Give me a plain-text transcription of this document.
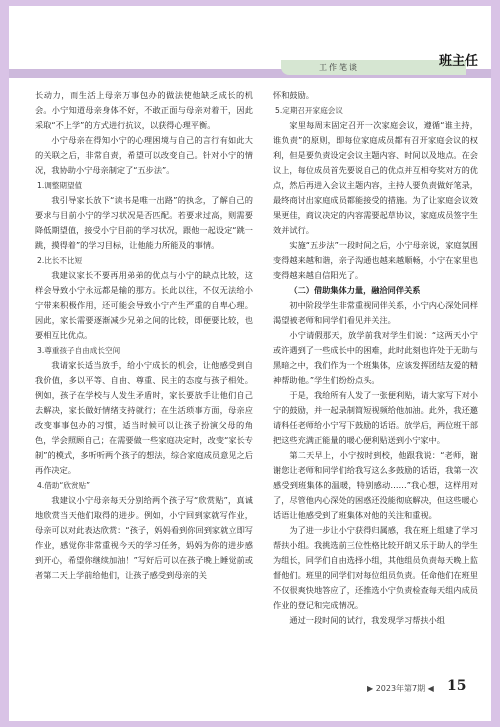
工作笔谈	班主任

长动力，而生活上母亲万事包办的做法使他缺乏成长的机会。小宁知道母亲身体不好，不敢正面与母亲对着干，因此采取“不上学”的方式进行抗议，以获得心理平衡。

小宁母亲在得知小宁的心理困境与自己的言行有如此大的关联之后，非常自责，希望可以改变自己。针对小宁的情况，我协助小宁母亲制定了“五步法”。

1.调整期望值

我引导家长放下“读书是唯一出路”的执念，了解自己的要求与目前小宁的学习状况是否匹配。若要求过高，则需要降低期望值，接受小宁目前的学习状况，跟他一起设定“跳一跳，摸得着”的学习目标，让他能力所能及的事情。

2.比长不比短

我建议家长不要再用弟弟的优点与小宁的缺点比较，这样会导致小宁永远都是输的那方。长此以往，不仅无法给小宁带来积极作用，还可能会导致小宁产生严重的自卑心理。因此，家长需要逐渐减少兄弟之间的比较，即便要比较，也要相互比优点。

3.尊重孩子自由成长空间

我请家长适当放手，给小宁成长的机会，让他感受到自我价值，多以平等、自由、尊重、民主的态度与孩子相处。例如，孩子在学校与人发生矛盾时，家长要放手让他们自己去解决，家长做好情绪支持就行；在生活琐事方面，母亲应改变事事包办的习惯，适当时候可以让孩子扮演父母的角色，学会照顾自己；在需要做一些家庭决定时，改变“家长专制”的模式，多听听两个孩子的想法，综合家庭成员意见之后再作决定。

4.借助“欣赏贴”

我建议小宁母亲每天分别给两个孩子写“欣赏贴”，真诚地欣赏当天他们取得的进步。例如，小宁回到家就写作业，母亲可以对此表达欣赏：“孩子，妈妈看到你回到家就立即写作业，感觉你非常重视今天的学习任务，妈妈为你的进步感到开心，希望你继续加油！”写好后可以在孩子晚上睡觉前或者第二天上学前给他们，让孩子感受到母亲的关

怀和鼓励。

5.定期召开家庭会议

家里每周末固定召开一次家庭会议，遵循“谁主持，谁负责”的原则，即每位家庭成员都有召开家庭会议的权利，但是要负责设定会议主题内容、时间以及地点。在会议上，每位成员首先要说自己的优点并互相夸奖对方的优点，然后再进入会议主题内容，主持人要负责做好笔录，最终商讨出家庭成员都能接受的措施。为了让家庭会议效果更佳，商议决定的内容需要起草协议，家庭成员签字生效并试行。

实施“五步法”一段时间之后，小宁母亲说，家庭氛围变得越来越和谐，亲子沟通也越来越顺畅，小宁在家里也变得越来越自信阳光了。

（二）借助集体力量，融洽同伴关系

初中阶段学生非常重视同伴关系，小宁内心深处同样渴望被老师和同学们看见并关注。

小宁请假那天，放学前我对学生们说：“这两天小宁或许遇到了一些成长中的困难，此时此刻也许处于无助与黑暗之中，我们作为一个班集体，应该发挥团结友爱的精神帮助他。”学生们纷纷点头。

于是，我给所有人发了一张便利贴，请大家写下对小宁的鼓励，并一起录制简短视频给他加油。此外，我还邀请科任老师给小宁写下鼓励的话语。放学后，两位班干部把这些充满正能量的暖心便利贴送到小宁家中。

第二天早上，小宁按时到校，他跟我说：“老师，谢谢您让老师和同学们给我写这么多鼓励的话语，我第一次感受到班集体的温暖，特别感动……”我心想，这样用对了，尽管他内心深处的困惑还没能彻底解决，但这些暖心话语让他感受到了班集体对他的关注和重视。

为了进一步让小宁获得归属感，我在班上组建了学习帮扶小组。我挑选前三位性格比较开朗又乐于助人的学生为组长，同学们自由选择小组，其他组员负责每天晚上监督他们。班里的同学们对每位组员负责。任命他们在班里不仅很爽快地答应了，还推选小宁负责检查每天组内成员作业的登记和完成情况。

通过一段时间的试行，我发现学习帮扶小组

▶ 2023年第7期 ◀ 15
